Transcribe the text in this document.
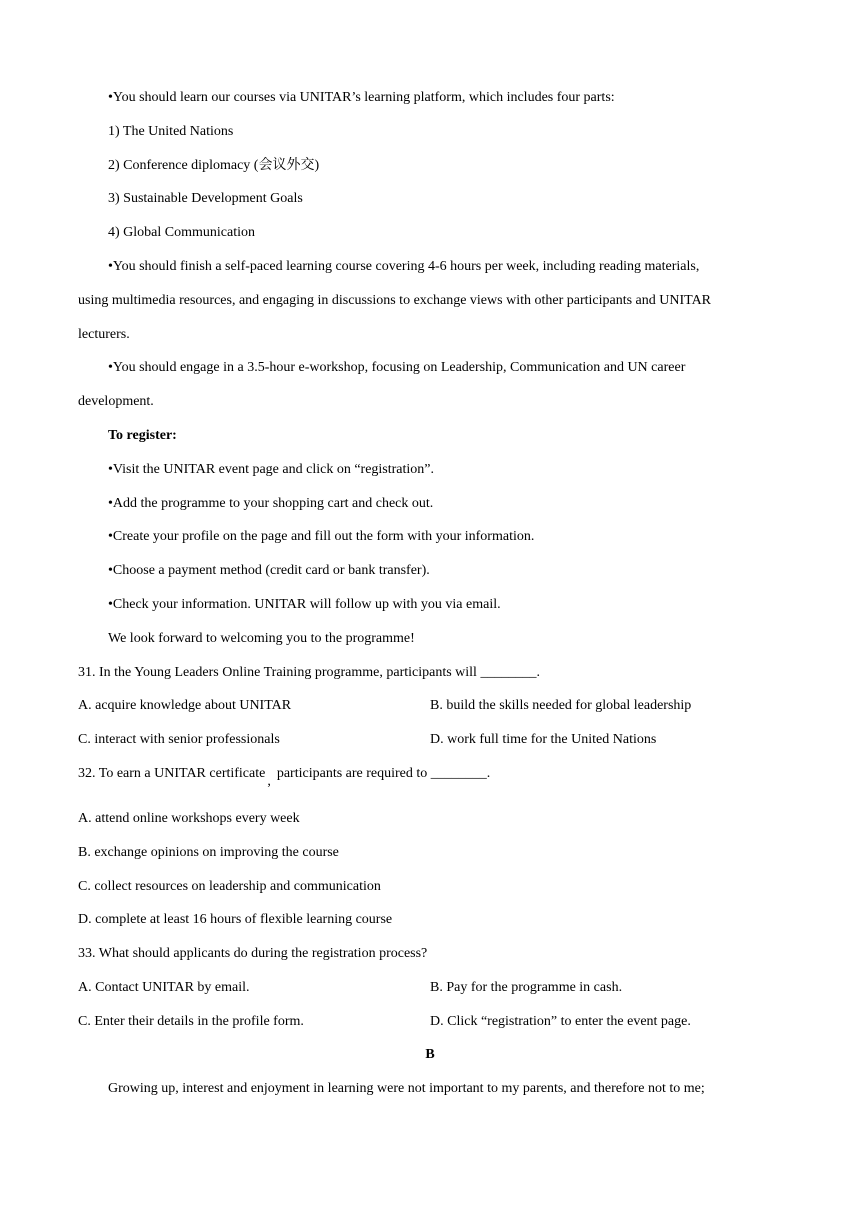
•You should learn our courses via UNITAR’s learning platform, which includes four parts:
1) The United Nations
2) Conference diplomacy (会议外交)
3) Sustainable Development Goals
4) Global Communication
•You should finish a self-paced learning course covering 4-6 hours per week, including reading materials,
using multimedia resources, and engaging in discussions to exchange views with other participants and UNITAR
lecturers.
•You should engage in a 3.5-hour e-workshop, focusing on Leadership, Communication and UN career
development.
To register:
•Visit the UNITAR event page and click on “registration”.
•Add the programme to your shopping cart and check out.
•Create your profile on the page and fill out the form with your information.
•Choose a payment method (credit card or bank transfer).
•Check your information. UNITAR will follow up with you via email.
We look forward to welcoming you to the programme!
31. In the Young Leaders Online Training programme, participants will ________.
A. acquire knowledge about UNITAR	B. build the skills needed for global leadership
C. interact with senior professionals	D. work full time for the United Nations
32. To earn a UNITAR certificate,participants are required to ________.
A. attend online workshops every week
B. exchange opinions on improving the course
C. collect resources on leadership and communication
D. complete at least 16 hours of flexible learning course
33. What should applicants do during the registration process?
A. Contact UNITAR by email.	B. Pay for the programme in cash.
C. Enter their details in the profile form.	D. Click “registration” to enter the event page.
B
Growing up, interest and enjoyment in learning were not important to my parents, and therefore not to me;
